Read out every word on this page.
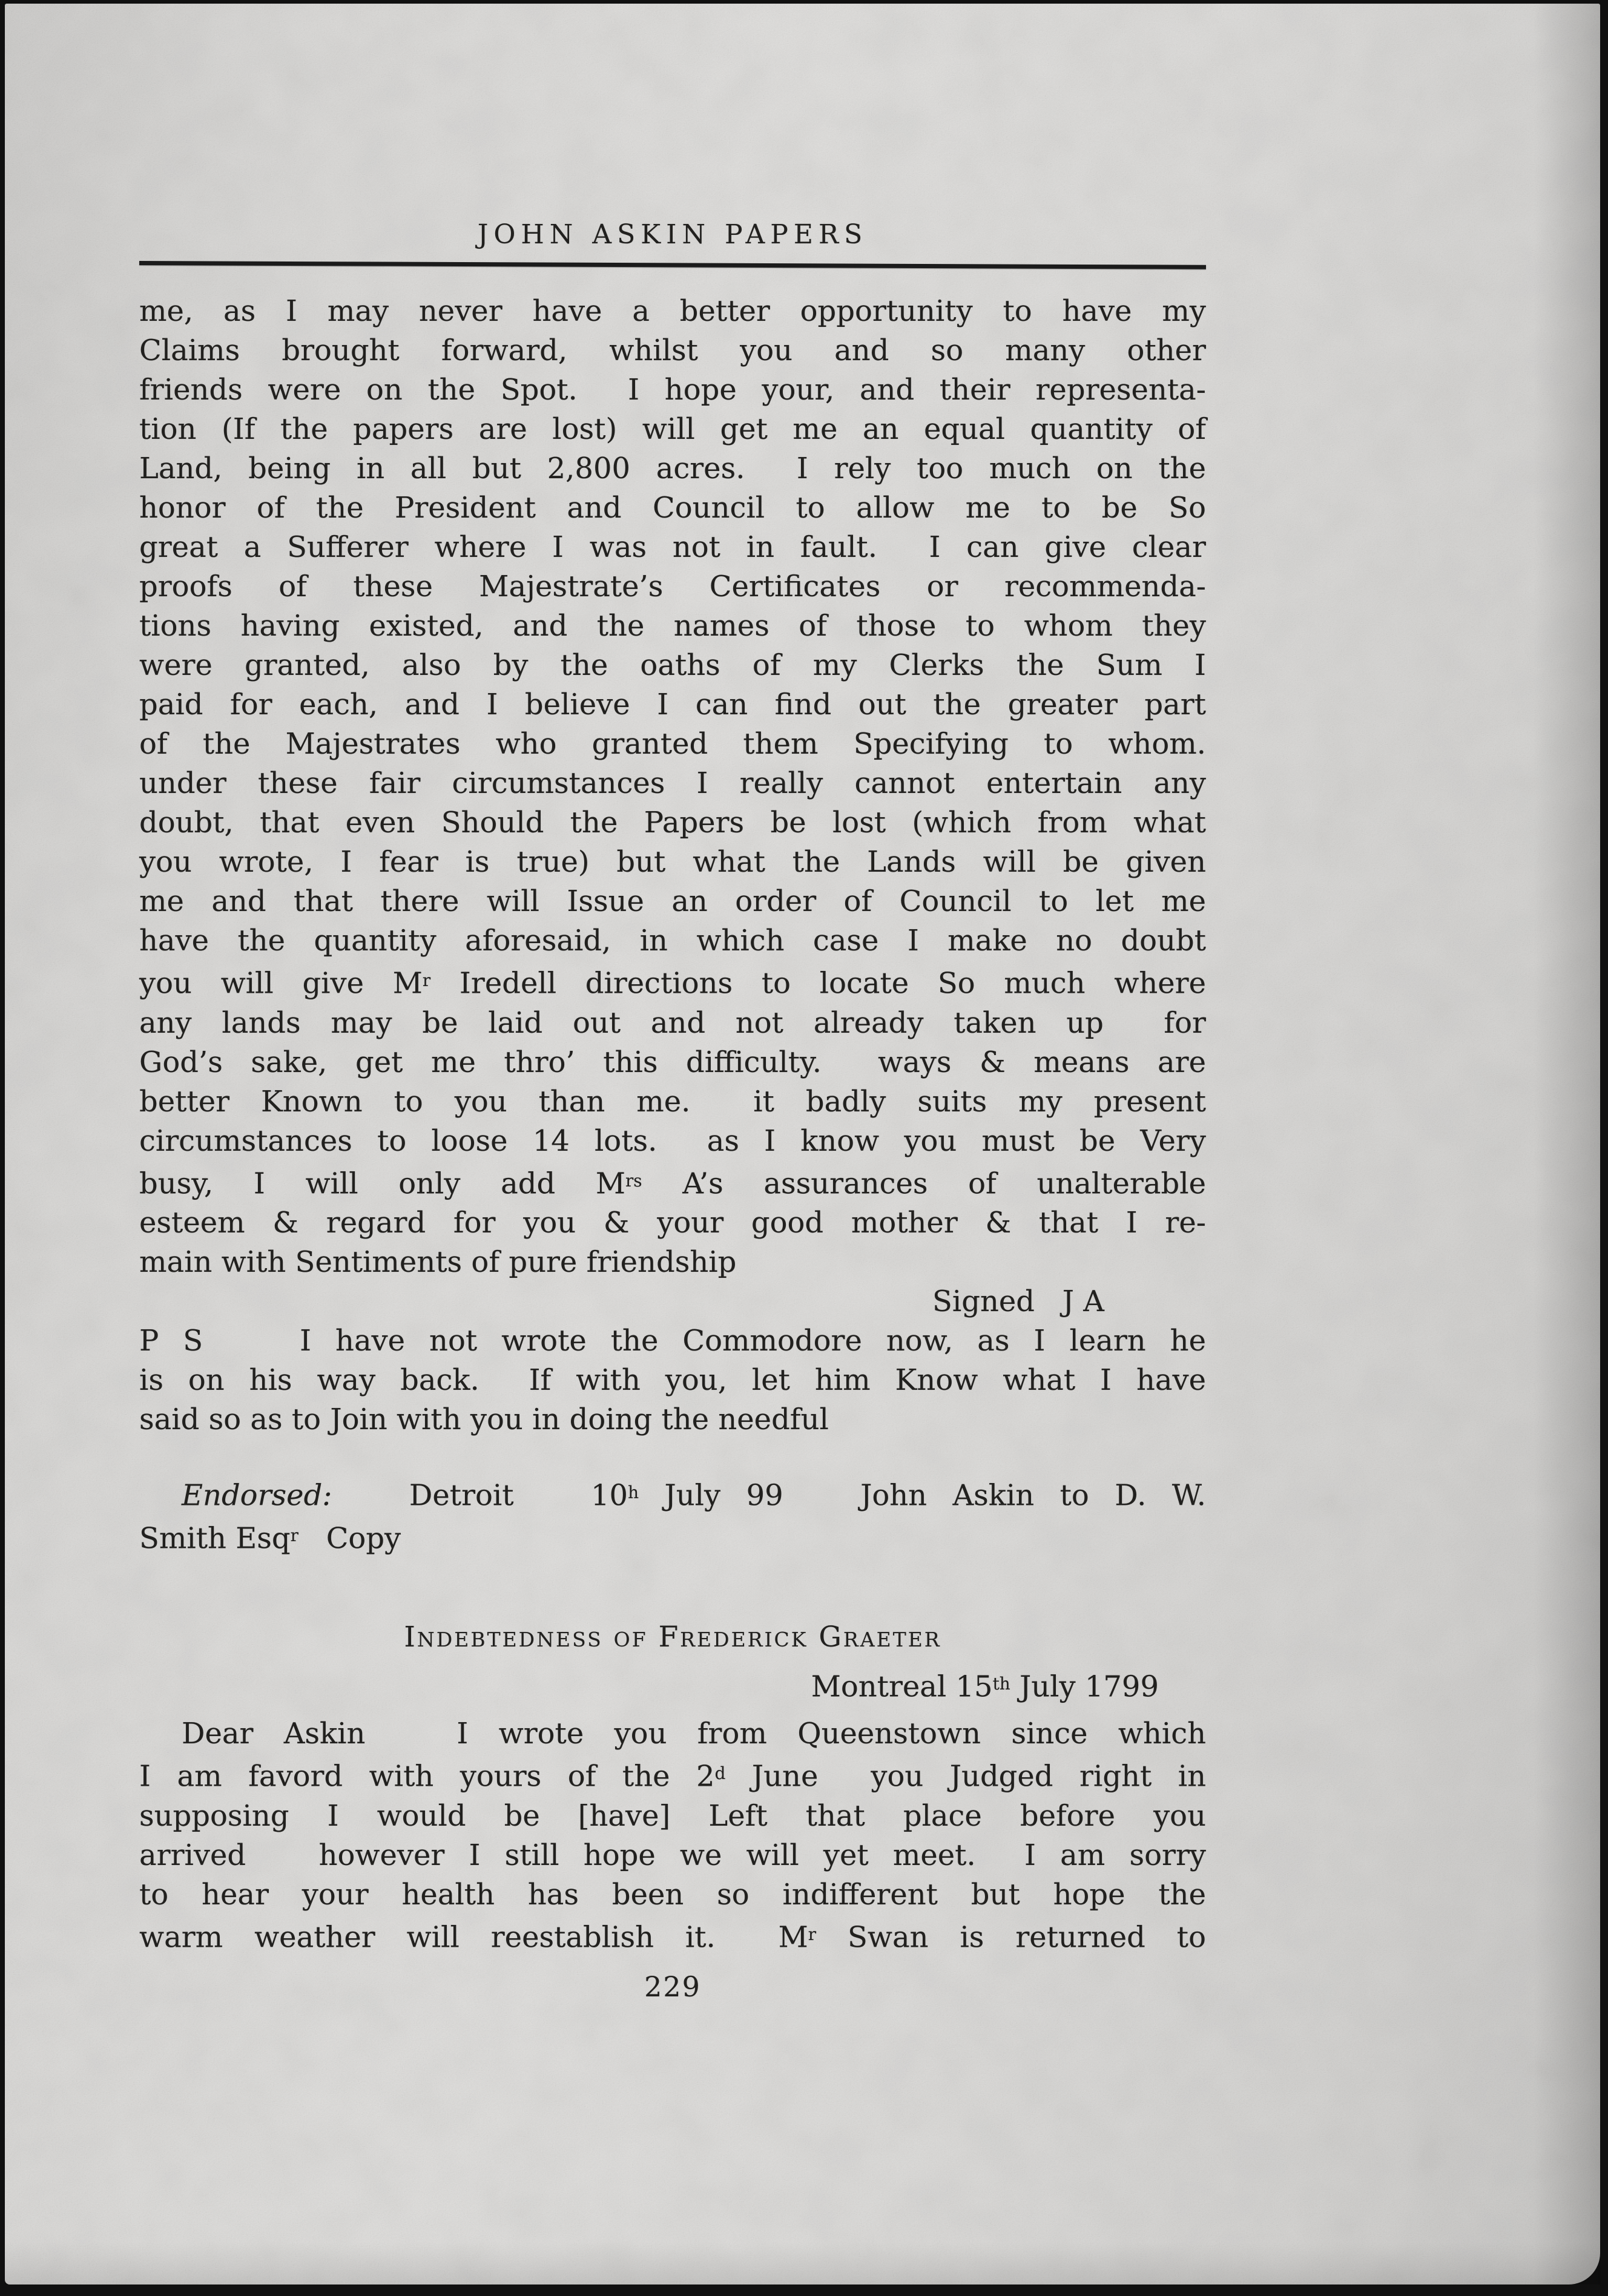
JOHN ASKIN PAPERS
me, as I may never have a better opportunity to have my
Claims brought forward, whilst you and so many other
friends were on the Spot.  I hope your, and their representa-
tion (If the papers are lost) will get me an equal quantity of
Land, being in all but 2,800 acres.  I rely too much on the
honor of the President and Council to allow me to be So
great a Sufferer where I was not in fault.  I can give clear
proofs of these Majestrate’s Certificates or recommenda-
tions having existed, and the names of those to whom they
were granted, also by the oaths of my Clerks the Sum I
paid for each, and I believe I can find out the greater part
of the Majestrates who granted them Specifying to whom.
under these fair circumstances I really cannot entertain any
doubt, that even Should the Papers be lost (which from what
you wrote, I fear is true) but what the Lands will be given
me and that there will Issue an order of Council to let me
have the quantity aforesaid, in which case I make no doubt
you will give $M^r$ Iredell directions to locate So much where
any lands may be laid out and not already taken up  for
God’s sake, get me thro’ this difficulty.  ways & means are
better Known to you than me.  it badly suits my present
circumstances to loose 14 lots.  as I know you must be Very
busy, I will only add $M^{rs}$ A’s assurances of unalterable
esteem & regard for you & your good mother & that I re-
main with Sentiments of pure friendship
Signed   J A
P S    I have not wrote the Commodore now, as I learn he
is on his way back.  If with you, let him Know what I have
said so as to Join with you in doing the needful
Endorsed:   Detroit   10$^h$ July 99   John Askin to D. W.
Smith Esq$^r$   Copy
Indebtedness of Frederick Graeter
Montreal 15th July 1799
Dear Askin   I wrote you from Queenstown since which
I am favord with yours of the 2$^d$ June  you Judged right in
supposing I would be [have] Left that place before you
arrived   however I still hope we will yet meet.  I am sorry
to hear your health has been so indifferent but hope the
warm weather will reestablish it.  $M^r$ Swan is returned to
229
